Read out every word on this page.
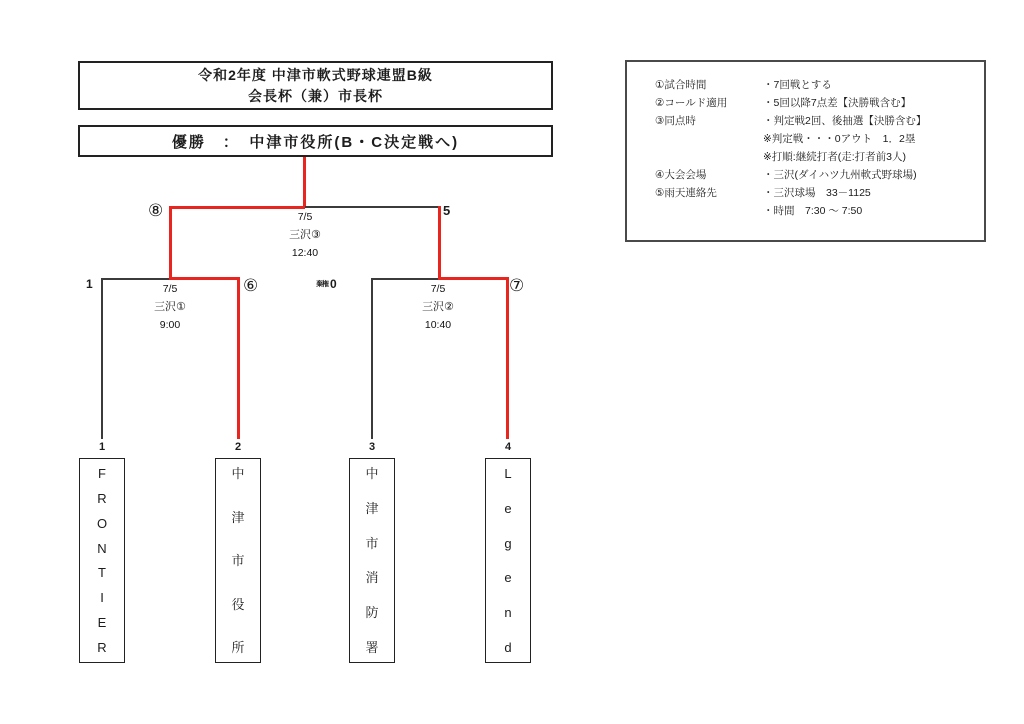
令和2年度 中津市軟式野球連盟B級
会長杯（兼）市長杯
優勝　：　中津市役所(B・C決定戦へ)
①試合時間	・7回戦とする
②コールド適用	・5回以降7点差【決勝戦含む】
③同点時	・判定戦2回、後抽選【決勝含む】
※判定戦・・・0アウト　1．2塁
※打順:継続打者(走:打者前3人)
④大会会場	・三沢(ダイハツ九州軟式野球場)
⑤雨天連絡先	・三沢球場　33－1125
・時間　7:30 ～ 7:50
7/5
三沢③
12:40
⑧	5
7/5
三沢①
9:00
1	⑥	7/5
三沢②
10:40
棄権 0	⑦
1	2	3	4
F
R
O
N
T
I
E
R
中
津
市
役
所
中
津
市
消
防
署
L
e
g
e
n
d
